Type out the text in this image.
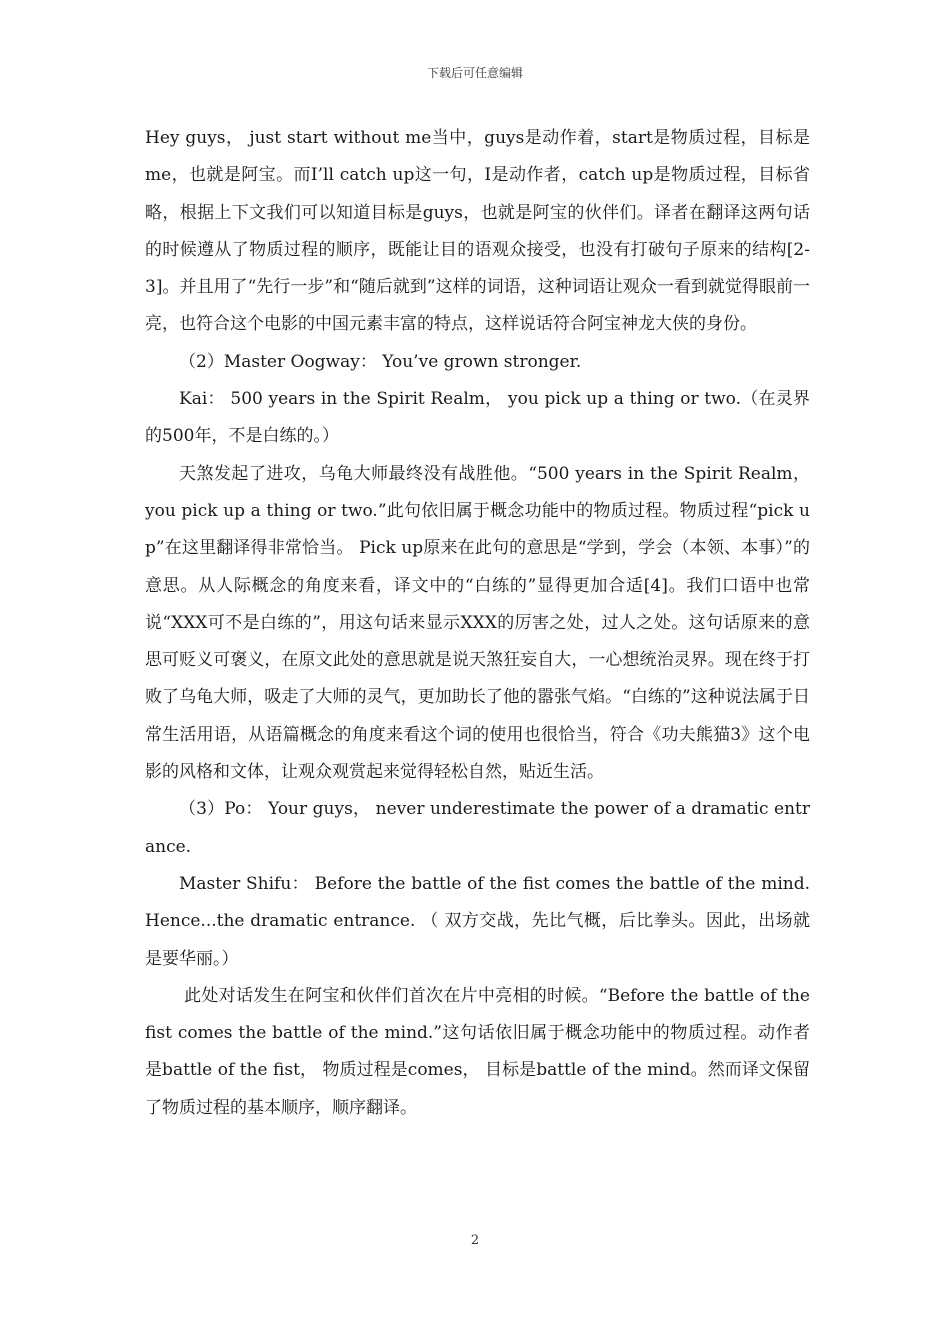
下载后可任意编辑

Hey guys， just start without me当中，guys是动作着，start是物质过程，目标是me，也就是阿宝。而I’ll catch up这一句，I是动作者，catch up是物质过程，目标省略，根据上下文我们可以知道目标是guys，也就是阿宝的伙伴们。译者在翻译这两句话的时候遵从了物质过程的顺序，既能让目的语观众接受，也没有打破句子原来的结构[2-3]。并且用了“先行一步”和“随后就到”这样的词语，这种词语让观众一看到就觉得眼前一亮，也符合这个电影的中国元素丰富的特点，这样说话符合阿宝神龙大侠的身份。

（2）Master Oogway： You’ve grown stronger.

Kai： 500 years in the Spirit Realm， you pick up a thing or two.（在灵界的500年，不是白练的。）

天煞发起了进攻，乌龟大师最终没有战胜他。“500 years in the Spirit Realm， you pick up a thing or two.”此句依旧属于概念功能中的物质过程。物质过程“pick up”在这里翻译得非常恰当。 Pick up原来在此句的意思是“学到，学会（本领、本事）”的意思。从人际概念的角度来看，译文中的“白练的”显得更加合适[4]。我们口语中也常说“XXX可不是白练的”，用这句话来显示XXX的厉害之处，过人之处。这句话原来的意思可贬义可褒义，在原文此处的意思就是说天煞狂妄自大，一心想统治灵界。现在终于打败了乌龟大师，吸走了大师的灵气，更加助长了他的嚣张气焰。“白练的”这种说法属于日常生活用语，从语篇概念的角度来看这个词的使用也很恰当，符合《功夫熊猫3》这个电影的风格和文体，让观众观赏起来觉得轻松自然，贴近生活。

（3）Po： Your guys， never underestimate the power of a dramatic entrance.

Master Shifu： Before the battle of the fist comes the battle of the mind. Hence...the dramatic entrance. （ 双方交战，先比气概，后比拳头。因此，出场就是要华丽。）

此处对话发生在阿宝和伙伴们首次在片中亮相的时候。“Before the battle of the fist comes the battle of the mind.”这句话依旧属于概念功能中的物质过程。动作者是battle of the fist， 物质过程是comes， 目标是battle of the mind。然而译文保留了物质过程的基本顺序，顺序翻译。

2
